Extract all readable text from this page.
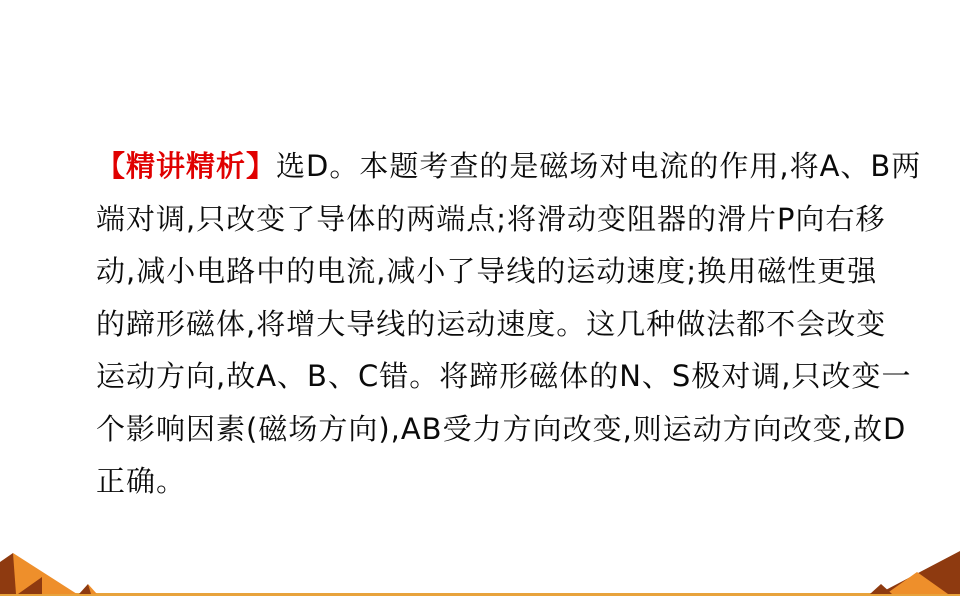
【精讲精析】选D。本题考查的是磁场对电流的作用,将A、B两
端对调,只改变了导体的两端点;将滑动变阻器的滑片P向右移
动,减小电路中的电流,减小了导线的运动速度;换用磁性更强
的蹄形磁体,将增大导线的运动速度。这几种做法都不会改变
运动方向,故A、B、C错。将蹄形磁体的N、S极对调,只改变一
个影响因素(磁场方向),AB受力方向改变,则运动方向改变,故D
正确。
